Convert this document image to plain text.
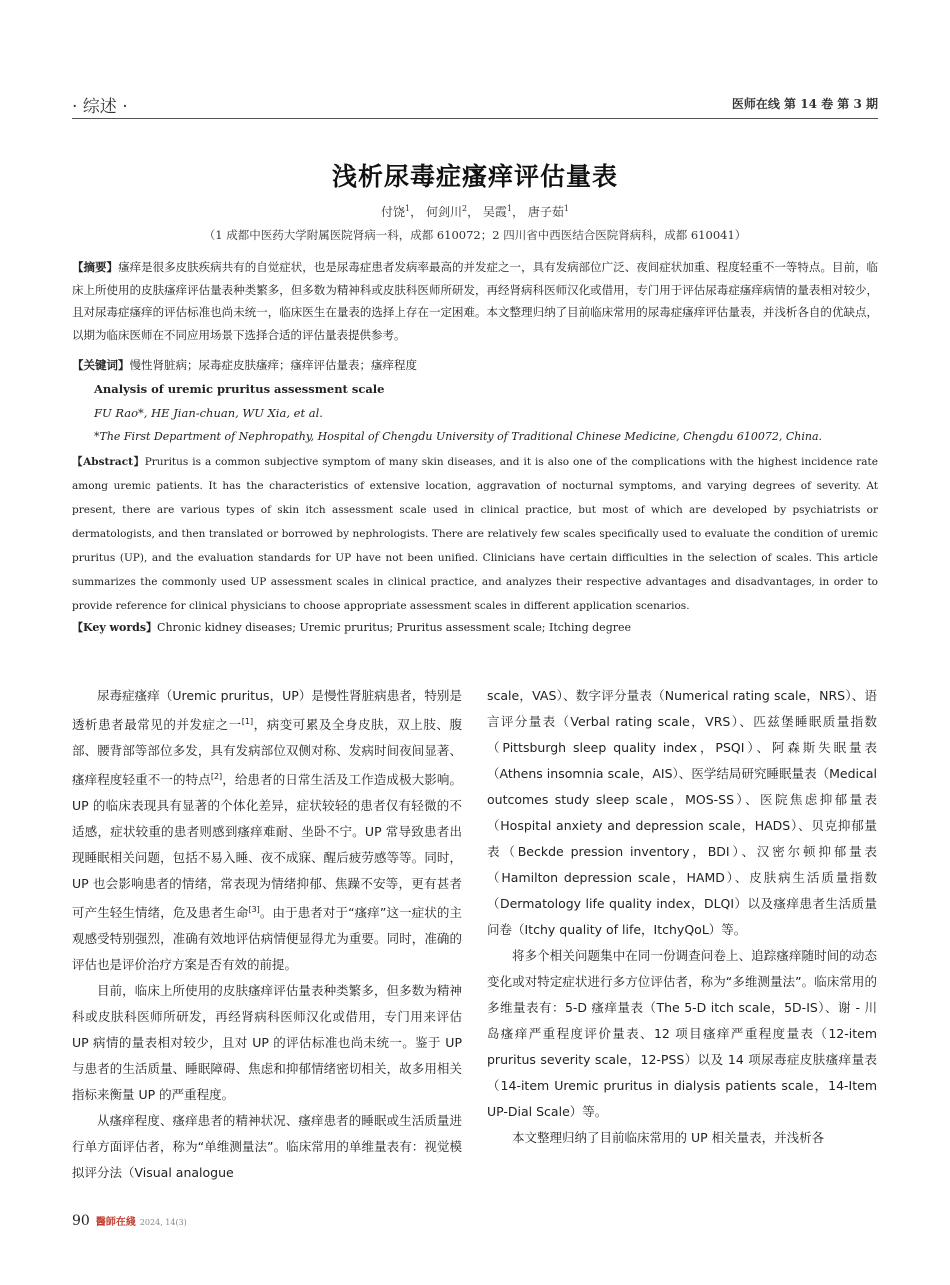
· 综述 ·	医师在线 第 14 卷 第 3 期
浅析尿毒症瘙痒评估量表
付饶$^1$， 何剑川$^2$， 吴霞$^1$， 唐子茹$^1$
（1 成都中医药大学附属医院肾病一科，成都 610072；2 四川省中西医结合医院肾病科，成都 610041）
【摘要】瘙痒是很多皮肤疾病共有的自觉症状，也是尿毒症患者发病率最高的并发症之一，具有发病部位广泛、夜间症状加重、程度轻重不一等特点。目前，临床上所使用的皮肤瘙痒评估量表种类繁多，但多数为精神科或皮肤科医师所研发，再经肾病科医师汉化或借用，专门用于评估尿毒症瘙痒病情的量表相对较少，且对尿毒症瘙痒的评估标准也尚未统一，临床医生在量表的选择上存在一定困难。本文整理归纳了目前临床常用的尿毒症瘙痒评估量表，并浅析各自的优缺点，以期为临床医师在不同应用场景下选择合适的评估量表提供参考。
【关键词】慢性肾脏病；尿毒症皮肤瘙痒；瘙痒评估量表；瘙痒程度
Analysis of uremic pruritus assessment scale
FU Rao*, HE Jian-chuan, WU Xia, et al.
*The First Department of Nephropathy, Hospital of Chengdu University of Traditional Chinese Medicine, Chengdu 610072, China.
【Abstract】Pruritus is a common subjective symptom of many skin diseases, and it is also one of the complications with the highest incidence rate among uremic patients. It has the characteristics of extensive location, aggravation of nocturnal symptoms, and varying degrees of severity. At present, there are various types of skin itch assessment scale used in clinical practice, but most of which are developed by psychiatrists or dermatologists, and then translated or borrowed by nephrologists. There are relatively few scales specifically used to evaluate the condition of uremic pruritus (UP), and the evaluation standards for UP have not been unified. Clinicians have certain difficulties in the selection of scales. This article summarizes the commonly used UP assessment scales in clinical practice, and analyzes their respective advantages and disadvantages, in order to provide reference for clinical physicians to choose appropriate assessment scales in different application scenarios.
【Key words】Chronic kidney diseases; Uremic pruritus; Pruritus assessment scale; Itching degree

尿毒症瘙痒（Uremic pruritus，UP）是慢性肾脏病患者，特别是透析患者最常见的并发症之一[1]，病变可累及全身皮肤，双上肢、腹部、腰背部等部位多发，具有发病部位双侧对称、发病时间夜间显著、瘙痒程度轻重不一的特点[2]，给患者的日常生活及工作造成极大影响。UP 的临床表现具有显著的个体化差异，症状较轻的患者仅有轻微的不适感，症状较重的患者则感到瘙痒难耐、坐卧不宁。UP 常导致患者出现睡眠相关问题，包括不易入睡、夜不成寐、醒后疲劳感等等。同时，UP 也会影响患者的情绪，常表现为情绪抑郁、焦躁不安等，更有甚者可产生轻生情绪，危及患者生命[3]。由于患者对于“瘙痒”这一症状的主观感受特别强烈，准确有效地评估病情便显得尤为重要。同时，准确的评估也是评价治疗方案是否有效的前提。

目前，临床上所使用的皮肤瘙痒评估量表种类繁多，但多数为精神科或皮肤科医师所研发，再经肾病科医师汉化或借用，专门用来评估 UP 病情的量表相对较少，且对 UP 的评估标准也尚未统一。鉴于 UP 与患者的生活质量、睡眠障碍、焦虑和抑郁情绪密切相关，故多用相关指标来衡量 UP 的严重程度。

从瘙痒程度、瘙痒患者的精神状况、瘙痒患者的睡眠或生活质量进行单方面评估者，称为“单维测量法”。临床常用的单维量表有：视觉模拟评分法（Visual analogue

scale，VAS）、数字评分量表（Numerical rating scale，NRS）、语言评分量表（Verbal rating scale，VRS）、匹兹堡睡眠质量指数（Pittsburgh sleep quality index，PSQI）、阿森斯失眠量表（Athens insomnia scale，AIS）、医学结局研究睡眠量表（Medical outcomes study sleep scale，MOS-SS）、医院焦虑抑郁量表（Hospital anxiety and depression scale，HADS）、贝克抑郁量表（Beckde pression inventory，BDI）、汉密尔顿抑郁量表（Hamilton depression scale，HAMD）、皮肤病生活质量指数（Dermatology life quality index，DLQI）以及瘙痒患者生活质量问卷（Itchy quality of life，ItchyQoL）等。

将多个相关问题集中在同一份调查问卷上、追踪瘙痒随时间的动态变化或对特定症状进行多方位评估者，称为“多维测量法”。临床常用的多维量表有：5-D 瘙痒量表（The 5-D itch scale，5D-IS）、谢 - 川岛瘙痒严重程度评价量表、12 项目瘙痒严重程度量表（12-item pruritus severity scale，12-PSS）以及 14 项尿毒症皮肤瘙痒量表（14-item Uremic pruritus in dialysis patients scale，14-Item UP-Dial Scale）等。

本文整理归纳了目前临床常用的 UP 相关量表，并浅析各

90 醫師在綫 2024, 14(3)
